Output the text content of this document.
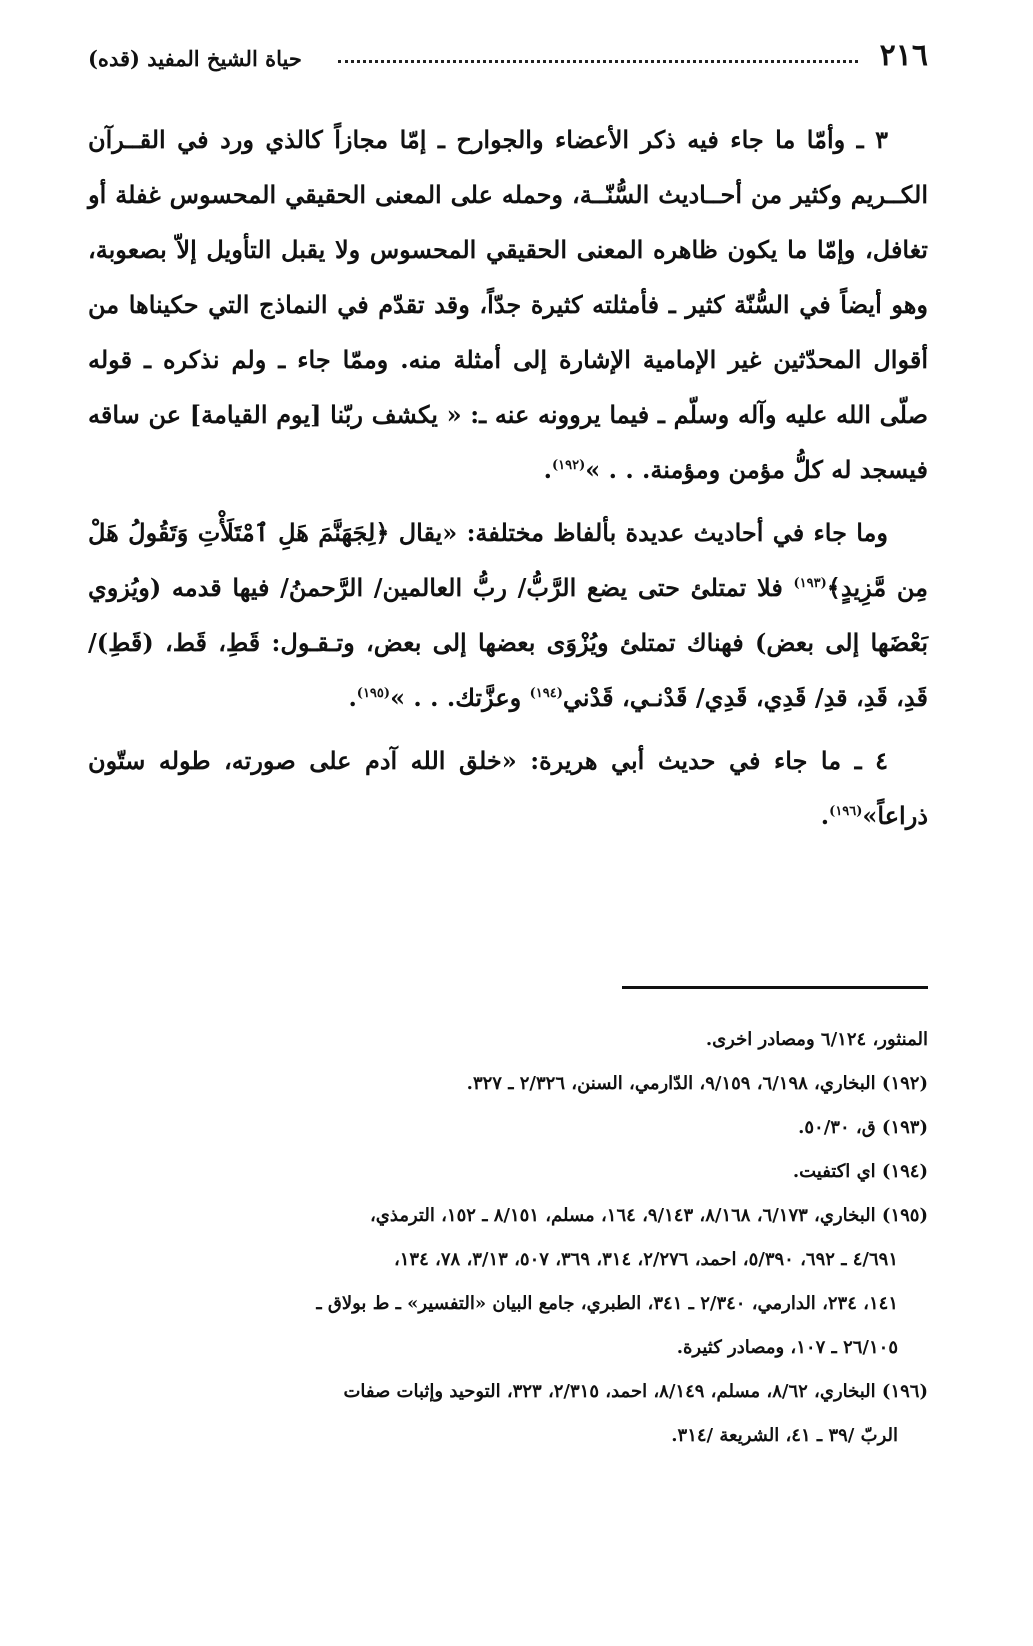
٢١٦
حياة الشيخ المفيد (قده)

٣ ـ وأمّا ما جاء فيه ذكر الأعضاء والجوارح ـ إمّا مجازاً كالذي ورد في القــرآن الكــريم وكثير من أحــاديث السُّنّــة، وحمله على المعنى الحقيقي المحسوس غفلة أو تغافل، وإمّا ما يكون ظاهره المعنى الحقيقي المحسوس ولا يقبل التأويل إلاّ بصعوبة، وهو أيضاً في السُّنّة كثير ـ فأمثلته كثيرة جدّاً، وقد تقدّم في النماذج التي حكيناها من أقوال المحدّثين غير الإمامية الإشارة إلى أمثلة منه. وممّا جاء ـ ولم نذكره ـ قوله صلّى الله عليه وآله وسلّم ـ فيما يروونه عنه ـ: « يكشف ربّنا [يوم القيامة] عن ساقه فيسجد له كلُّ مؤمن ومؤمنة. . . »$^{(١٩٢)}$.

وما جاء في أحاديث عديدة بألفاظ مختلفة: «يقال ﴿لِجَهَنَّمَ هَلِ ٱمْتَلَأْتِ وَتَقُولُ هَلْ مِن مَّزِيدٍ﴾$^{(١٩٣)}$ فلا تمتلئ حتى يضع الرَّبُّ/ ربُّ العالمين/ الرَّحمنُ/ فيها قدمه (ويُزوي بَعْضَها إلى بعض) فهناك تمتلئ ويُزْوَى بعضها إلى بعض، وتـقـول: قَطِ، قَط، (قَطِ)/ قَدِ، قَدِ، قدِ/ قَدِي، قَدِي/ قَدْنـي، قَدْني$^{(١٩٤)}$ وعزَّتك. . . »$^{(١٩٥)}$.

٤ ـ ما جاء في حديث أبي هريرة: «خلق الله آدم على صورته، طوله ستّون ذراعاً»$^{(١٩٦)}$.

المنثور، ٦/١٢٤ ومصادر اخرى.

(١٩٢) البخاري، ٦/١٩٨، ٩/١٥٩، الدّارمي، السنن، ٢/٣٢٦ ـ ٣٢٧.

(١٩٣) ق، ٥٠/٣٠.

(١٩٤) اي اكتفيت.

(١٩٥) البخاري، ٦/١٧٣، ٨/١٦٨، ٩/١٤٣، ١٦٤، مسلم، ٨/١٥١ ـ ١٥٢، الترمذي،

٤/٦٩١ ـ ٦٩٢، ٥/٣٩٠، احمد، ٢/٢٧٦، ٣١٤، ٣٦٩، ٥٠٧، ٣/١٣، ٧٨، ١٣٤،

١٤١، ٢٣٤، الدارمي، ٢/٣٤٠ ـ ٣٤١، الطبري، جامع البيان «التفسير» ـ ط بولاق ـ

٢٦/١٠٥ ـ ١٠٧، ومصادر كثيرة.

(١٩٦) البخاري، ٨/٦٢، مسلم، ٨/١٤٩، احمد، ٢/٣١٥، ٣٢٣، التوحيد وإثبات صفات

الربّ /٣٩ ـ ٤١، الشريعة /٣١٤.
